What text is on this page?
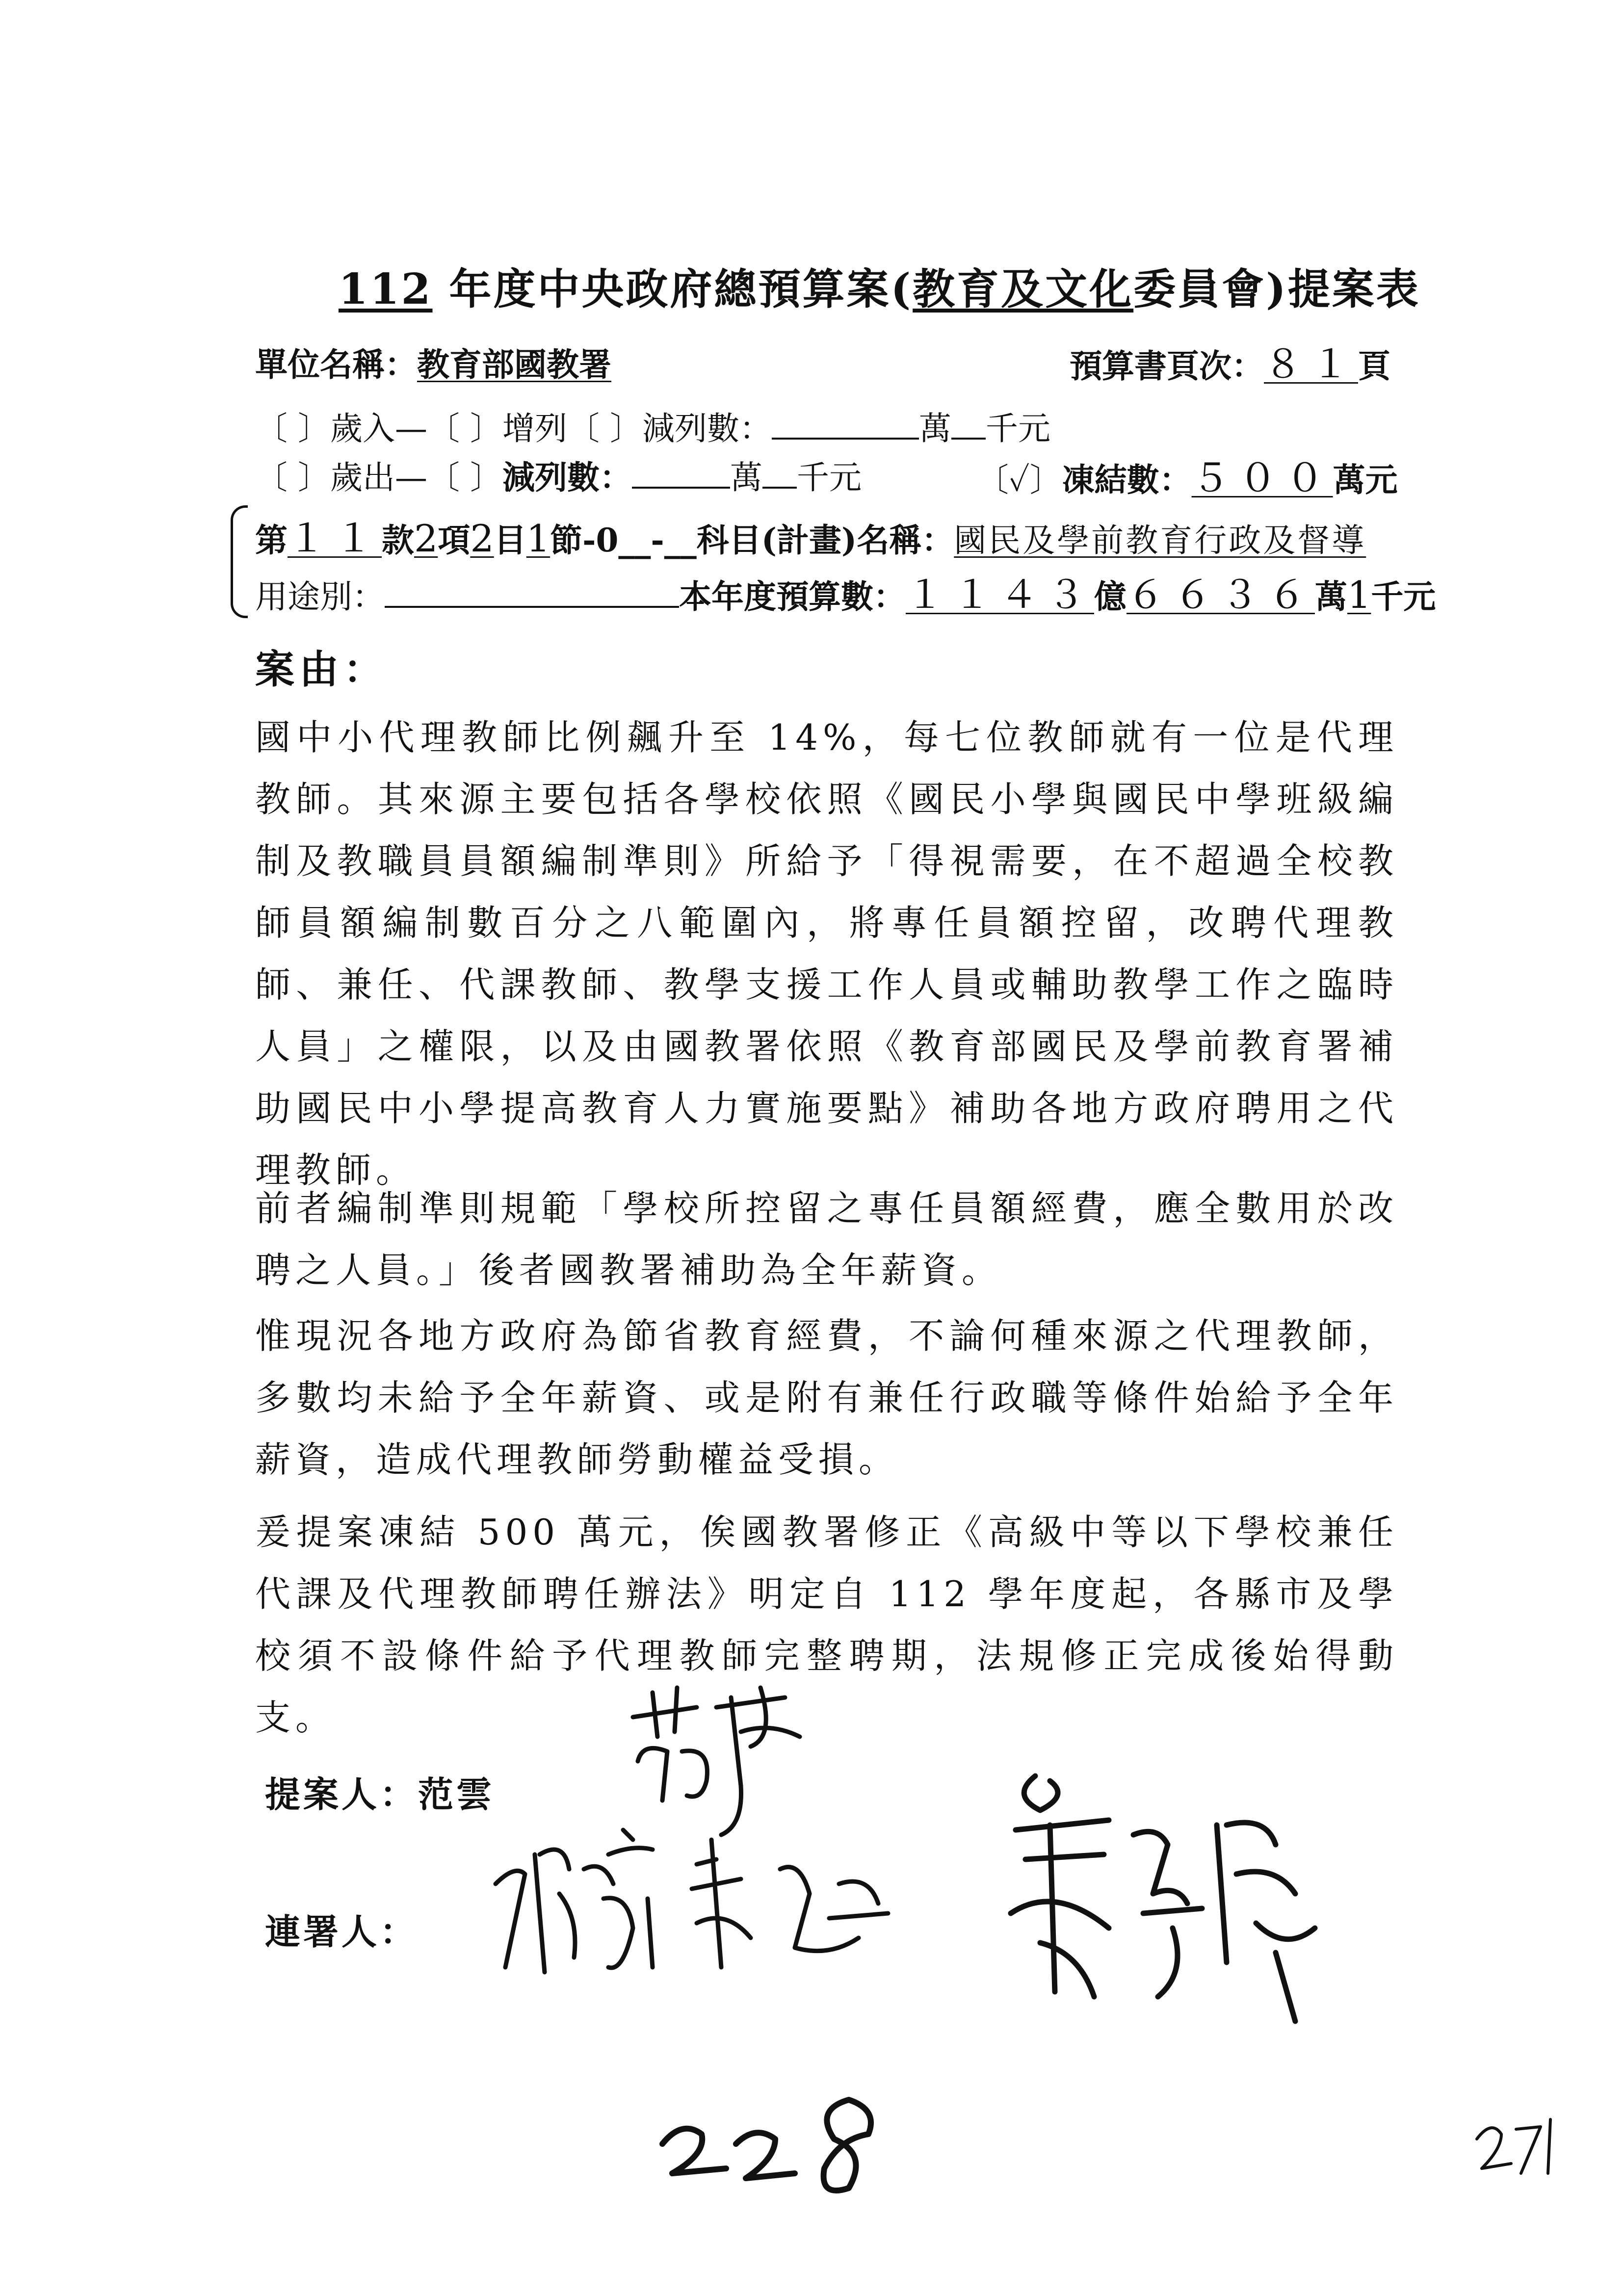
112 年度中央政府總預算案(教育及文化委員會)提案表
單位名稱：教育部國教署	預算書頁次：８１頁
〔 〕歲入—〔 〕增列〔 〕減列數：	萬 千元
〔 〕歲出—〔 〕減列數：	萬 千元	〔✓〕凍結數：５００萬元
第１１款2項2目1節-0__-__科目(計畫)名稱：國民及學前教育行政及督導
用途別：	本年度預算數：１１４３億６６３６萬1千元
案由：
國中小代理教師比例飆升至 14%，每七位教師就有一位是代理教師。其來源主要包括各學校依照《國民小學與國民中學班級編制及教職員員額編制準則》所給予「得視需要，在不超過全校教師員額編制數百分之八範圍內，將專任員額控留，改聘代理教師、兼任、代課教師、教學支援工作人員或輔助教學工作之臨時人員」之權限，以及由國教署依照《教育部國民及學前教育署補助國民中小學提高教育人力實施要點》補助各地方政府聘用之代理教師。
前者編制準則規範「學校所控留之專任員額經費，應全數用於改聘之人員。」後者國教署補助為全年薪資。
惟現況各地方政府為節省教育經費，不論何種來源之代理教師，多數均未給予全年薪資、或是附有兼任行政職等條件始給予全年薪資，造成代理教師勞動權益受損。
爰提案凍結 500 萬元，俟國教署修正《高級中等以下學校兼任代課及代理教師聘任辦法》明定自 112 學年度起，各縣市及學校須不設條件給予代理教師完整聘期，法規修正完成後始得動支。
提案人：范雲
連署人：
